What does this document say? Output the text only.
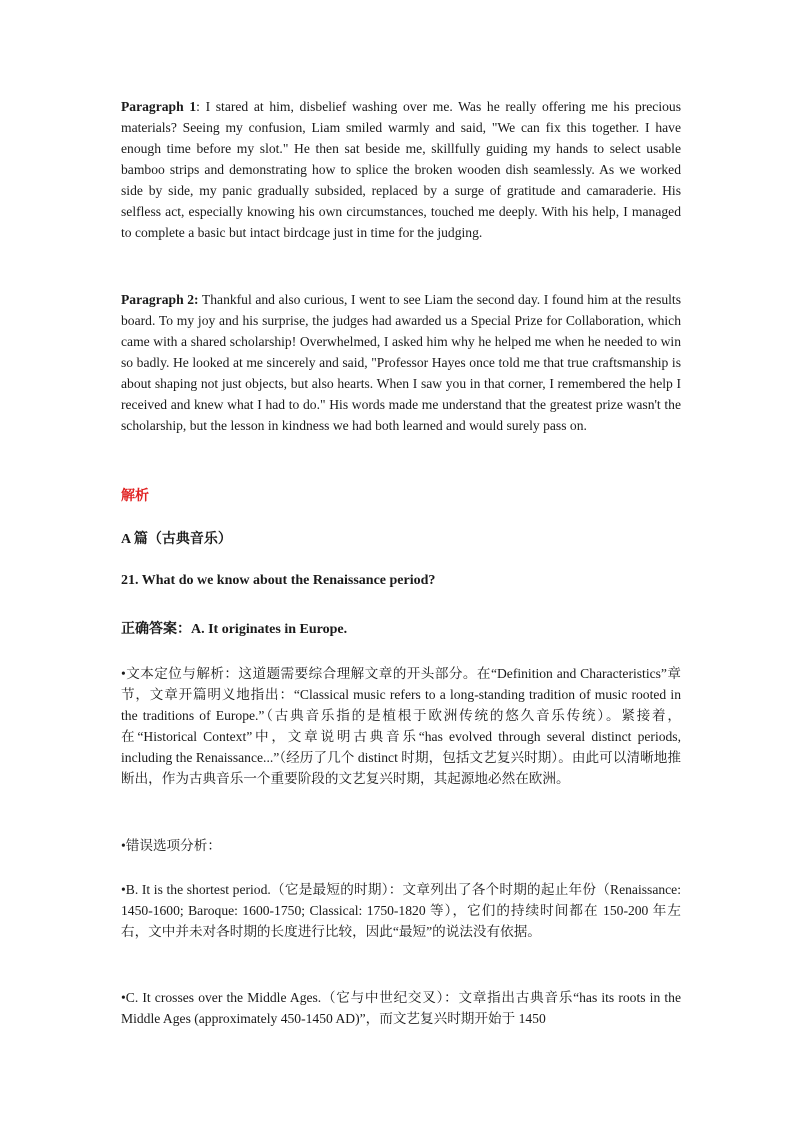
Paragraph 1: I stared at him, disbelief washing over me. Was he really offering me his precious materials? Seeing my confusion, Liam smiled warmly and said, "We can fix this together. I have enough time before my slot." He then sat beside me, skillfully guiding my hands to select usable bamboo strips and demonstrating how to splice the broken wooden dish seamlessly. As we worked side by side, my panic gradually subsided, replaced by a surge of gratitude and camaraderie. His selfless act, especially knowing his own circumstances, touched me deeply. With his help, I managed to complete a basic but intact birdcage just in time for the judging.
Paragraph 2: Thankful and also curious, I went to see Liam the second day. I found him at the results board. To my joy and his surprise, the judges had awarded us a Special Prize for Collaboration, which came with a shared scholarship! Overwhelmed, I asked him why he helped me when he needed to win so badly. He looked at me sincerely and said, "Professor Hayes once told me that true craftsmanship is about shaping not just objects, but also hearts. When I saw you in that corner, I remembered the help I received and knew what I had to do." His words made me understand that the greatest prize wasn't the scholarship, but the lesson in kindness we had both learned and would surely pass on.
解析
A 篇（古典音乐）
21. What do we know about the Renaissance period?
正确答案：A. It originates in Europe.
•文本定位与解析：这道题需要综合理解文章的开头部分。在“Definition and Characteristics”章节，文章开篇明义地指出：“Classical music refers to a long-standing tradition of music rooted in the traditions of Europe.”（古典音乐指的是植根于欧洲传统的悠久音乐传统）。紧接着，在“Historical Context”中，文章说明古典音乐“has evolved through several distinct periods, including the Renaissance...”（经历了几个 distinct 时期，包括文艺复兴时期）。由此可以清晰地推断出，作为古典音乐一个重要阶段的文艺复兴时期，其起源地必然在欧洲。
•错误选项分析：
•B. It is the shortest period.（它是最短的时期）：文章列出了各个时期的起止年份（Renaissance: 1450-1600; Baroque: 1600-1750; Classical: 1750-1820 等），它们的持续时间都在 150-200 年左右，文中并未对各时期的长度进行比较，因此“最短”的说法没有依据。
•C. It crosses over the Middle Ages.（它与中世纪交叉）：文章指出古典音乐“has its roots in the Middle Ages (approximately 450-1450 AD)”，而文艺复兴时期开始于 1450
